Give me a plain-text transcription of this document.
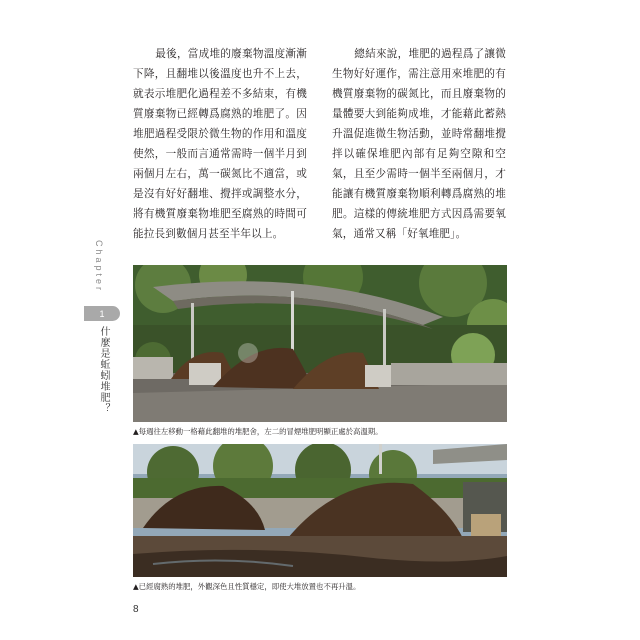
最後，當成堆的廢棄物溫度漸漸下降，且翻堆以後溫度也升不上去，就表示堆肥化過程差不多結束，有機質廢棄物已經轉爲腐熟的堆肥了。因堆肥過程受限於微生物的作用和溫度使然，一般而言通常需時一個半月到兩個月左右，萬一碳氮比不適當，或是沒有好好翻堆、攪拌或調整水分，將有機質廢棄物堆肥至腐熟的時間可能拉長到數個月甚至半年以上。
總結來說，堆肥的過程爲了讓微生物好好運作，需注意用來堆肥的有機質廢棄物的碳氮比，而且廢棄物的量體要大到能夠成堆，才能藉此蓄熱升溫促進微生物活動，並時常翻堆攪拌以確保堆肥內部有足夠空隙和空氣，且至少需時一個半至兩個月，才能讓有機質廢棄物順利轉爲腐熟的堆肥。這樣的傳統堆肥方式因爲需要氧氣，通常又稱「好氧堆肥」。
Chapter
1
什麼是蚯蚓堆肥？
▲每週往左移動一格藉此翻堆的堆肥舍，左二的冒煙堆肥明顯正處於高溫期。
▲已經腐熟的堆肥，外觀深色且性質穩定，即使大堆放置也不再升溫。
8
